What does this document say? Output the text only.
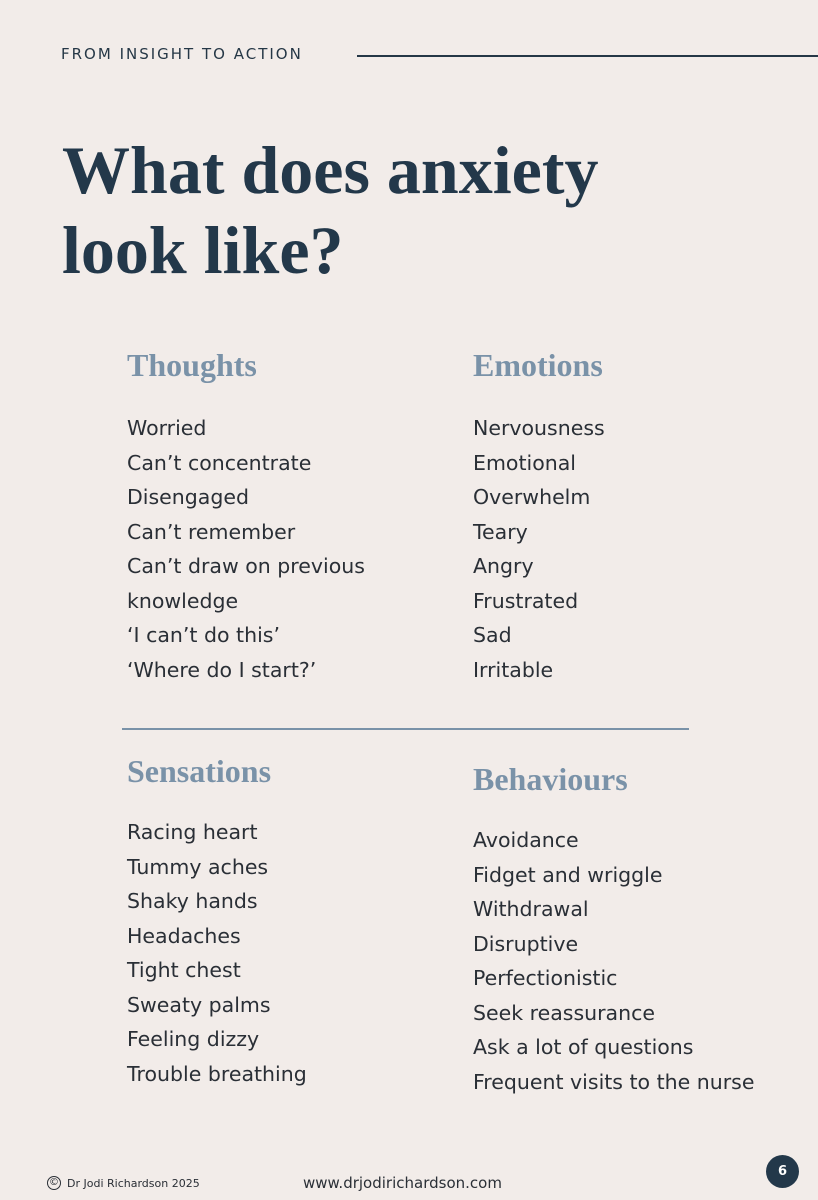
FROM INSIGHT TO ACTION
What does anxiety
look like?
Thoughts
Worried
Can’t concentrate
Disengaged
Can’t remember
Can’t draw on previous
knowledge
‘I can’t do this’
‘Where do I start?’
Emotions
Nervousness
Emotional
Overwhelm
Teary
Angry
Frustrated
Sad
Irritable
Sensations
Racing heart
Tummy aches
Shaky hands
Headaches
Tight chest
Sweaty palms
Feeling dizzy
Trouble breathing
Behaviours
Avoidance
Fidget and wriggle
Withdrawal
Disruptive
Perfectionistic
Seek reassurance
Ask a lot of questions
Frequent visits to the nurse
© Dr Jodi Richardson 2025	www.drjodirichardson.com
6
